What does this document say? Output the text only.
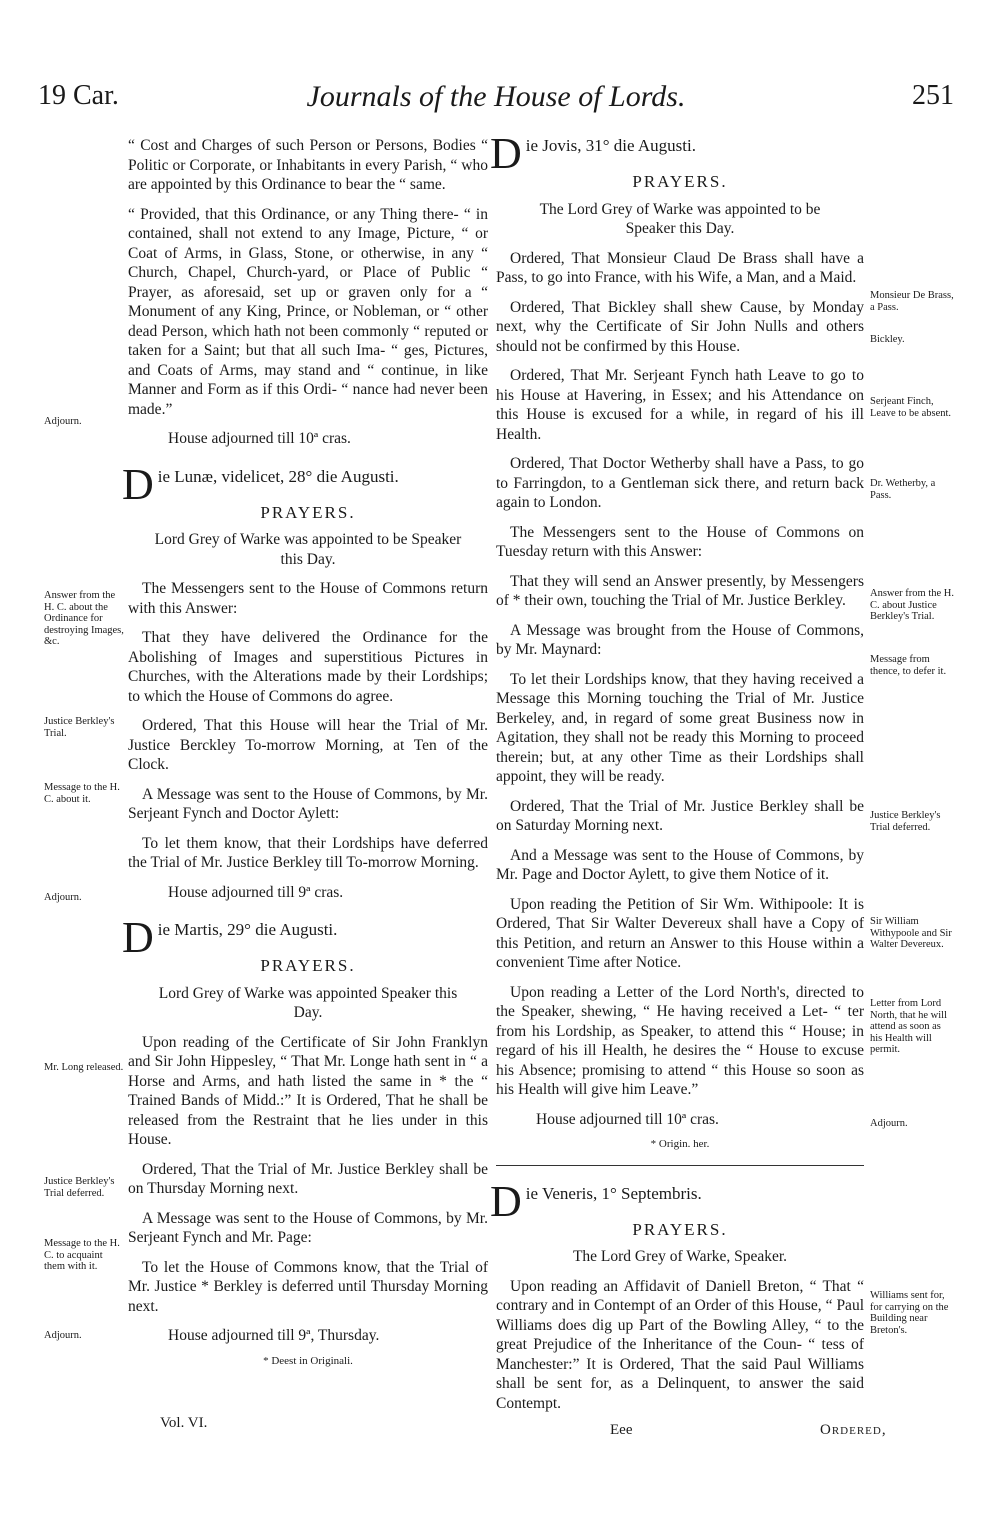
19 Car.	Journals of the House of Lords.	251

“ Cost and Charges of such Person or Persons, Bodies “ Politic or Corporate, or Inhabitants in every Parish, “ who are appointed by this Ordinance to bear the “ same.

“ Provided, that this Ordinance, or any Thing there- “ in contained, shall not extend to any Image, Picture, “ or Coat of Arms, in Glass, Stone, or otherwise, in any “ Church, Chapel, Church-yard, or Place of Public “ Prayer, as aforesaid, set up or graven only for a “ Monument of any King, Prince, or Nobleman, or “ other dead Person, which hath not been commonly “ reputed or taken for a Saint; but that all such Ima- “ ges, Pictures, and Coats of Arms, may stand and “ continue, in like Manner and Form as if this Ordi- “ nance had never been made.”

House adjourned till 10ª cras.

Die Lunæ, videlicet, 28° die Augusti.
PRAYERS.

Lord Grey of Warke was appointed to be Speaker this Day.

The Messengers sent to the House of Commons return with this Answer:

That they have delivered the Ordinance for the Abolishing of Images and superstitious Pictures in Churches, with the Alterations made by their Lordships; to which the House of Commons do agree.

Ordered, That this House will hear the Trial of Mr. Justice Berckley To-morrow Morning, at Ten of the Clock.

A Message was sent to the House of Commons, by Mr. Serjeant Fynch and Doctor Aylett:

To let them know, that their Lordships have deferred the Trial of Mr. Justice Berkley till To-morrow Morning.

House adjourned till 9ª cras.

Die Martis, 29° die Augusti.
PRAYERS.

Lord Grey of Warke was appointed Speaker this Day.

Upon reading of the Certificate of Sir John Franklyn and Sir John Hippesley, “ That Mr. Longe hath sent in “ a Horse and Arms, and hath listed the same in * the “ Trained Bands of Midd.:” It is Ordered, That he shall be released from the Restraint that he lies under in this House.

Ordered, That the Trial of Mr. Justice Berkley shall be on Thursday Morning next.

A Message was sent to the House of Commons, by Mr. Serjeant Fynch and Mr. Page:

To let the House of Commons know, that the Trial of Mr. Justice * Berkley is deferred until Thursday Morning next.

House adjourned till 9ª, Thursday.

* Deest in Originali.
Die Jovis, 31° die Augusti.
PRAYERS.

The Lord Grey of Warke was appointed to be Speaker this Day.

Ordered, That Monsieur Claud De Brass shall have a Pass, to go into France, with his Wife, a Man, and a Maid.

Ordered, That Bickley shall shew Cause, by Monday next, why the Certificate of Sir John Nulls and others should not be confirmed by this House.

Ordered, That Mr. Serjeant Fynch hath Leave to go to his House at Havering, in Essex; and his Attendance on this House is excused for a while, in regard of his ill Health.

Ordered, That Doctor Wetherby shall have a Pass, to go to Farringdon, to a Gentleman sick there, and return back again to London.

The Messengers sent to the House of Commons on Tuesday return with this Answer:

That they will send an Answer presently, by Messengers of * their own, touching the Trial of Mr. Justice Berkley.

A Message was brought from the House of Commons, by Mr. Maynard:

To let their Lordships know, that they having received a Message this Morning touching the Trial of Mr. Justice Berkeley, and, in regard of some great Business now in Agitation, they shall not be ready this Morning to proceed therein; but, at any other Time as their Lordships shall appoint, they will be ready.

Ordered, That the Trial of Mr. Justice Berkley shall be on Saturday Morning next.

And a Message was sent to the House of Commons, by Mr. Page and Doctor Aylett, to give them Notice of it.

Upon reading the Petition of Sir Wm. Withipoole: It is Ordered, That Sir Walter Devereux shall have a Copy of this Petition, and return an Answer to this House within a convenient Time after Notice.

Upon reading a Letter of the Lord North's, directed to the Speaker, shewing, “ He having received a Let- “ ter from his Lordship, as Speaker, to attend this “ House; in regard of his ill Health, he desires the “ House to excuse his Absence; promising to attend “ this House so soon as his Health will give him Leave.”

House adjourned till 10ª cras.

* Origin. her.
Die Veneris, 1° Septembris.
PRAYERS.

The Lord Grey of Warke, Speaker.

Upon reading an Affidavit of Daniell Breton, “ That “ contrary and in Contempt of an Order of this House, “ Paul Williams does dig up Part of the Bowling Alley, “ to the great Prejudice of the Inheritance of the Coun- “ tess of Manchester:” It is Ordered, That the said Paul Williams shall be sent for, as a Delinquent, to answer the said Contempt.

Adjourn.
Answer from the H. C. about the Ordinance for destroying Images, &c.
Justice Berkley's Trial.
Message to the H. C. about it.
Adjourn.
Mr. Long released.
Justice Berkley's Trial deferred.
Message to the H. C. to acquaint them with it.
Adjourn.
Monsieur De Brass, a Pass.
Bickley.
Serjeant Finch, Leave to be absent.
Dr. Wetherby, a Pass.
Answer from the H. C. about Justice Berkley's Trial.
Message from thence, to defer it.
Justice Berkley's Trial deferred.
Sir William Withypoole and Sir Walter Devereux.
Letter from Lord North, that he will attend as soon as his Health will permit.
Adjourn.
Williams sent for, for carrying on the Building near Breton's.
Vol. VI.	Eee	Ordered,
